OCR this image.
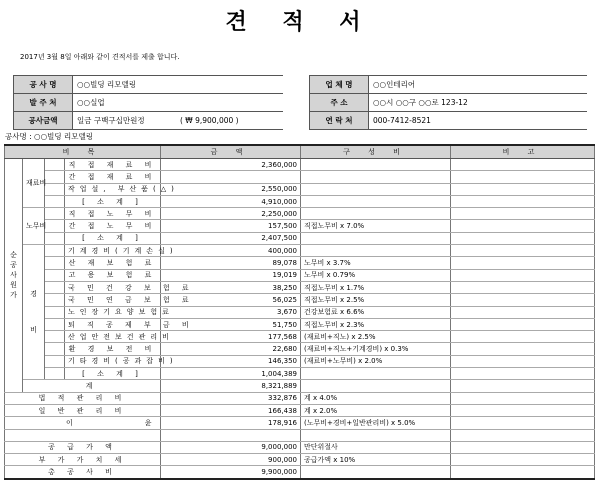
견 적 서
2017년 3월 8일 아래와 같이 견적서를 제출 합니다.
공 사 명	○○빌딩 리모델링			업 체 명	○○인테리어
발 주 처	○○실업			주 소	○○시 ○○구 ○○로 123-12
공사금액	일금 구백구십만원정	( ₩ 9,900,000 )		연 락 처	000-7412-8521
공사명 : ○○빌딩 리모델링
비 목				금 액	구 성 비	비 고
순공사원가	재료비		직 접 재 료 비	2,360,000		
			간 접 재 료 비			
			작업설, 부산품(△)	2,550,000		
			[ 소 계 ]	4,910,000		
	노무비		직 접 노 무 비	2,250,000		
			간 접 노 무 비	157,500	직접노무비 x 7.0%	
			[ 소 계 ]	2,407,500		

	경
비		기계경비(기계손실)	400,000		
			산 재 보 험 료	89,078	노무비 x 3.7%	
			고 용 보 험 료	19,019	노무비 x 0.79%	
			국 민 건 강 보 험 료	38,250	직접노무비 x 1.7%	
			국 민 연 금 보 험 료	56,025	직접노무비 x 2.5%	
			노인장기요양보험료	3,670	건강보험료 x 6.6%	
			퇴 직 공 제 부 금 비	51,750	직접노무비 x 2.3%	
			산업안전보건관리비	177,568	(재료비+직노) x 2.5%	
			환 경 보 전 비	22,680	(재료비+직노+기계경비) x 0.3%	
			기타경비(공과잡비)	146,350	(재료비+노무비) x 2.0%	
			[ 소 계 ]	1,004,389		
	계			8,321,889		
법 적 관 리 비				332,876	계 x 4.0%	
일 반 관 리 비				166,438	계 x 2.0%	
이 윤				178,916	(노무비+경비+일반관리비) x 5.0%	

공 급 가 액				9,000,000	만단위절사	
부 가 가 치 세				900,000	공급가액 x 10%	
총 공 사 비				9,900,000		
